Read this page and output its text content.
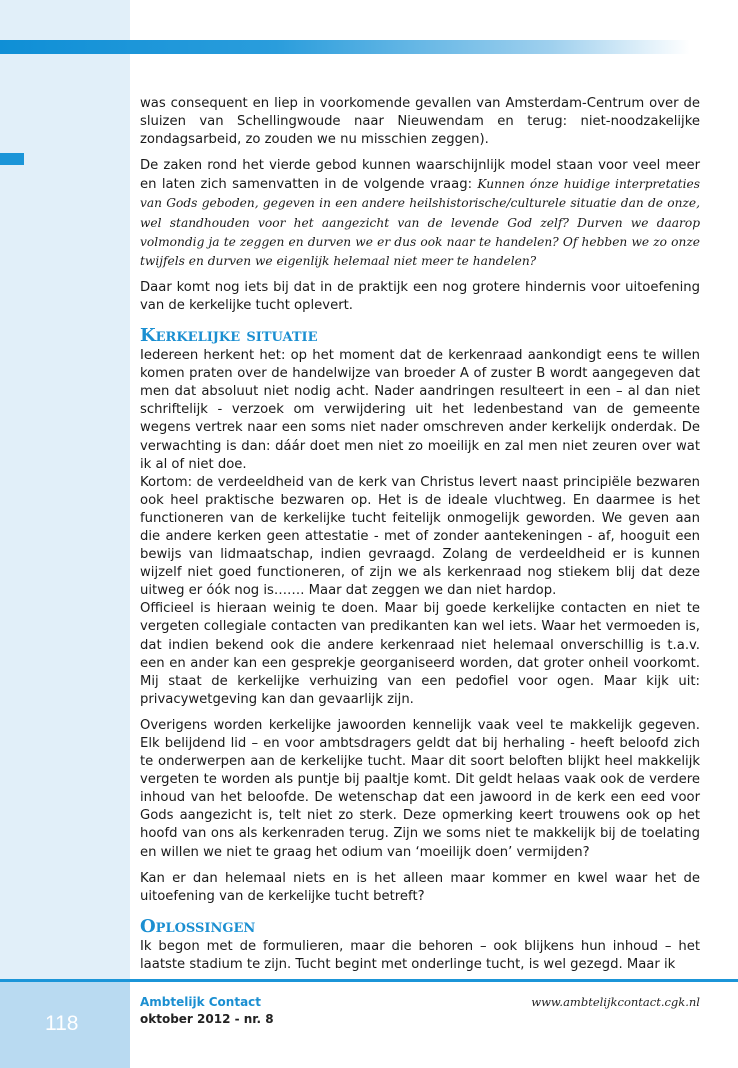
was consequent en liep in voorkomende gevallen van Amsterdam-Centrum over de sluizen van Schellingwoude naar Nieuwendam en terug: niet-noodzakelijke zondagsarbeid, zo zouden we nu misschien zeggen).

De zaken rond het vierde gebod kunnen waarschijnlijk model staan voor veel meer en laten zich samenvatten in de volgende vraag: Kunnen ónze huidige interpretaties van Gods geboden, gegeven in een andere heilshistorische/culturele situatie dan de onze, wel standhouden voor het aangezicht van de levende God zelf? Durven we daarop volmondig ja te zeggen en durven we er dus ook naar te handelen? Of hebben we zo onze twijfels en durven we eigenlijk helemaal niet meer te handelen?

Daar komt nog iets bij dat in de praktijk een nog grotere hindernis voor uitoefening van de kerkelijke tucht oplevert.

Kerkelijke situatie

Iedereen herkent het: op het moment dat de kerkenraad aankondigt eens te willen komen praten over de handelwijze van broeder A of zuster B wordt aangegeven dat men dat absoluut niet nodig acht. Nader aandringen resulteert in een – al dan niet schriftelijk - verzoek om verwijdering uit het ledenbestand van de gemeente wegens vertrek naar een soms niet nader omschreven ander kerkelijk onderdak. De verwachting is dan: dáár doet men niet zo moeilijk en zal men niet zeuren over wat ik al of niet doe.

Kortom: de verdeeldheid van de kerk van Christus levert naast principiële bezwaren ook heel praktische bezwaren op. Het is de ideale vluchtweg. En daarmee is het functioneren van de kerkelijke tucht feitelijk onmogelijk geworden. We geven aan die andere kerken geen attestatie - met of zonder aantekeningen - af, hooguit een bewijs van lidmaatschap, indien gevraagd. Zolang de verdeeldheid er is kunnen wijzelf niet goed functioneren, of zijn we als kerkenraad nog stiekem blij dat deze uitweg er óók nog is……. Maar dat zeggen we dan niet hardop.

Officieel is hieraan weinig te doen. Maar bij goede kerkelijke contacten en niet te vergeten collegiale contacten van predikanten kan wel iets. Waar het vermoeden is, dat indien bekend ook die andere kerkenraad niet helemaal onverschillig is t.a.v. een en ander kan een gesprekje georganiseerd worden, dat groter onheil voorkomt. Mij staat de kerkelijke verhuizing van een pedofiel voor ogen. Maar kijk uit: privacywetgeving kan dan gevaarlijk zijn.

Overigens worden kerkelijke jawoorden kennelijk vaak veel te makkelijk gegeven. Elk belijdend lid – en voor ambtsdragers geldt dat bij herhaling - heeft beloofd zich te onderwerpen aan de kerkelijke tucht. Maar dit soort beloften blijkt heel makkelijk vergeten te worden als puntje bij paaltje komt. Dit geldt helaas vaak ook de verdere inhoud van het beloofde. De wetenschap dat een jawoord in de kerk een eed voor Gods aangezicht is, telt niet zo sterk. Deze opmerking keert trouwens ook op het hoofd van ons als kerkenraden terug. Zijn we soms niet te makkelijk bij de toelating en willen we niet te graag het odium van ‘moeilijk doen’ vermijden?

Kan er dan helemaal niets en is het alleen maar kommer en kwel waar het de uitoefening van de kerkelijke tucht betreft?

Oplossingen

Ik begon met de formulieren, maar die behoren – ook blijkens hun inhoud – het laatste stadium te zijn. Tucht begint met onderlinge tucht, is wel gezegd. Maar ik

118
Ambtelijk Contact
oktober 2012 - nr. 8
www.ambtelijkcontact.cgk.nl
